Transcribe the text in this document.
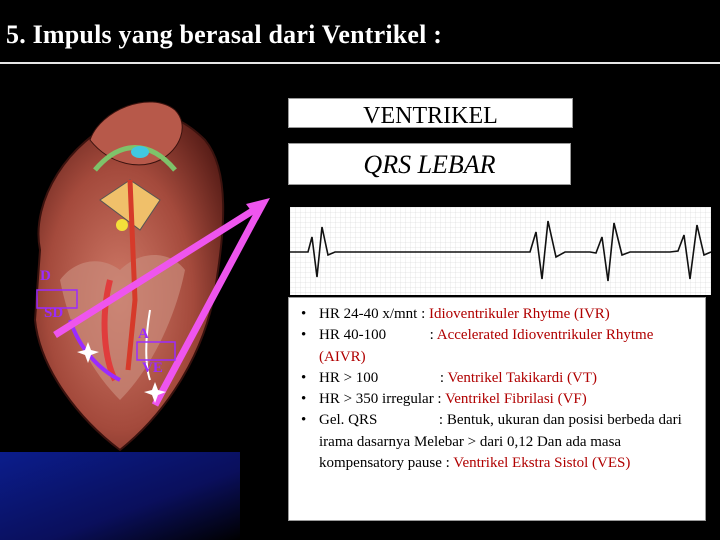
5. Impuls yang berasal dari Ventrikel :
D
SD
A
VE
VENTRIKEL
QRS LEBAR
• HR 24-40 x/mnt : Idioventrikuler Rhytme (IVR)
• HR 40-100	: Accelerated Idioventrikuler Rhytme (AIVR)
• HR > 100	: Ventrikel Takikardi (VT)
• HR > 350 irregular : Ventrikel Fibrilasi (VF)
• Gel. QRS	: Bentuk, ukuran dan posisi berbeda dari irama dasarnya Melebar > dari 0,12 Dan ada masa kompensatory pause : Ventrikel Ekstra Sistol (VES)
